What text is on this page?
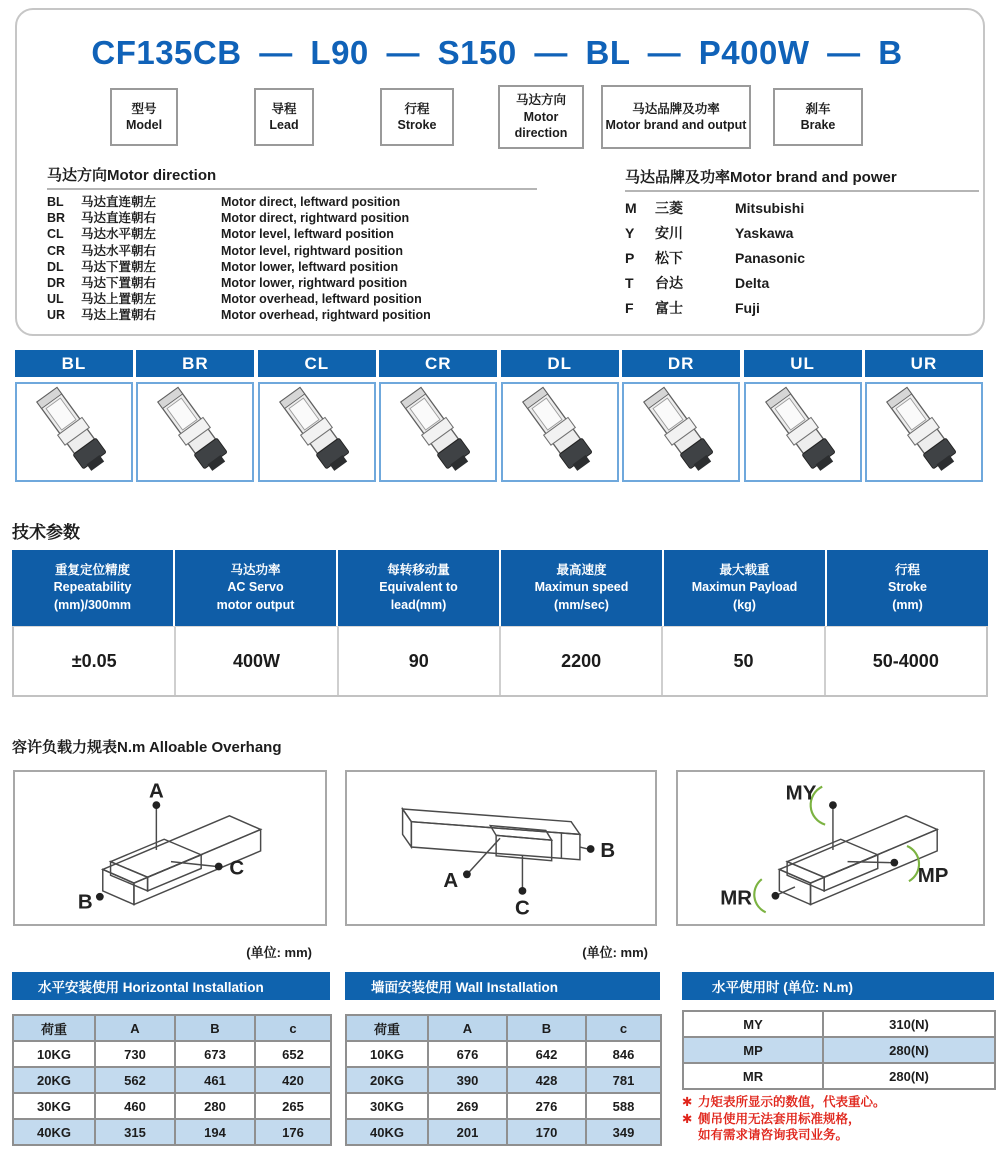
CF135CB — L90 — S150 — BL — P400W — B
型号
Model
导程
Lead
行程
Stroke
马达方向
Motor direction
马达品牌及功率
Motor brand and output
刹车
Brake
马达方向Motor direction
BL	马达直连朝左	Motor direct, leftward position
BR	马达直连朝右	Motor direct, rightward position
CL	马达水平朝左	Motor level, leftward position
CR	马达水平朝右	Motor level, rightward position
DL	马达下置朝左	Motor lower, leftward position
DR	马达下置朝右	Motor lower, rightward position
UL	马达上置朝左	Motor overhead, leftward position
UR	马达上置朝右	Motor overhead, rightward position
马达品牌及功率Motor brand and power
M	三菱	Mitsubishi
Y	安川	Yaskawa
P	松下	Panasonic
T	台达	Delta
F	富士	Fuji
BL	BR	CL	CR	DL	DR	UL	UR
技术参数
重复定位精度
Repeatability
(mm)/300mm
马达功率
AC Servo
motor output
每转移动量
Equivalent to
lead(mm)
最高速度
Maximun speed
(mm/sec)
最大载重
Maximun Payload
(kg)
行程
Stroke
(mm)
±0.05	400W	90	2200	50	50-4000
容许负载力规表N.m Alloable Overhang
A
B
C
B
A
C
MY
MP
MR
(单位: mm)	(单位: mm)
水平安装使用 Horizontal Installation	墙面安装使用 Wall Installation	水平使用时 (单位: N.m)
荷重	A	B	c
10KG	730	673	652
20KG	562	461	420
30KG	460	280	265
40KG	315	194	176
荷重	A	B	c
10KG	676	642	846
20KG	390	428	781
30KG	269	276	588
40KG	201	170	349
MY	310(N)
MP	280(N)
MR	280(N)
✱ 力矩表所显示的数值，代表重心。
✱ 侧吊使用无法套用标准规格，
如有需求请咨询我司业务。
